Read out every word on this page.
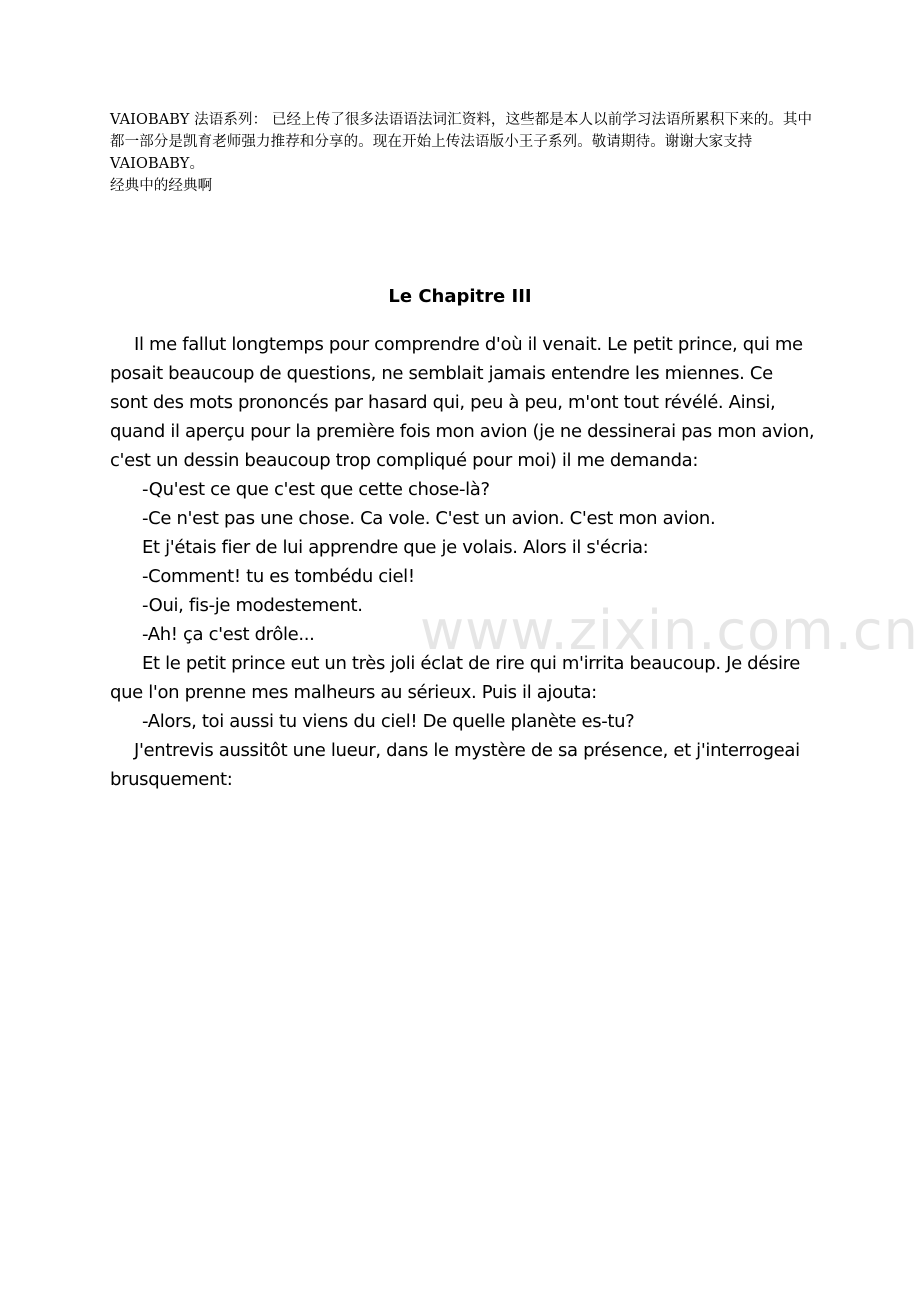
VAIOBABY 法语系列： 已经上传了很多法语语法词汇资料，这些都是本人以前学习法语所累积下来的。其中都一部分是凯育老师强力推荐和分享的。现在开始上传法语版小王子系列。敬请期待。谢谢大家支持 VAIOBABY。

经典中的经典啊

Le Chapitre III

Il me fallut longtemps pour comprendre d'où il venait. Le petit prince, qui me posait beaucoup de questions, ne semblait jamais entendre les miennes. Ce sont des mots prononcés par hasard qui, peu à peu, m'ont tout révélé. Ainsi, quand il aperçu pour la première fois mon avion (je ne dessinerai pas mon avion, c'est un dessin beaucoup trop compliqué pour moi) il me demanda:

-Qu'est ce que c'est que cette chose-là?

-Ce n'est pas une chose. Ca vole. C'est un avion. C'est mon avion.

Et j'étais fier de lui apprendre que je volais. Alors il s'écria:

-Comment! tu es tombédu ciel!

-Oui, fis-je modestement.

-Ah! ça c'est drôle...

Et le petit prince eut un très joli éclat de rire qui m'irrita beaucoup. Je désire que l'on prenne mes malheurs au sérieux. Puis il ajouta:

-Alors, toi aussi tu viens du ciel! De quelle planète es-tu?

J'entrevis aussitôt une lueur, dans le mystère de sa présence, et j'interrogeai brusquement:

www.zixin.com.cn
